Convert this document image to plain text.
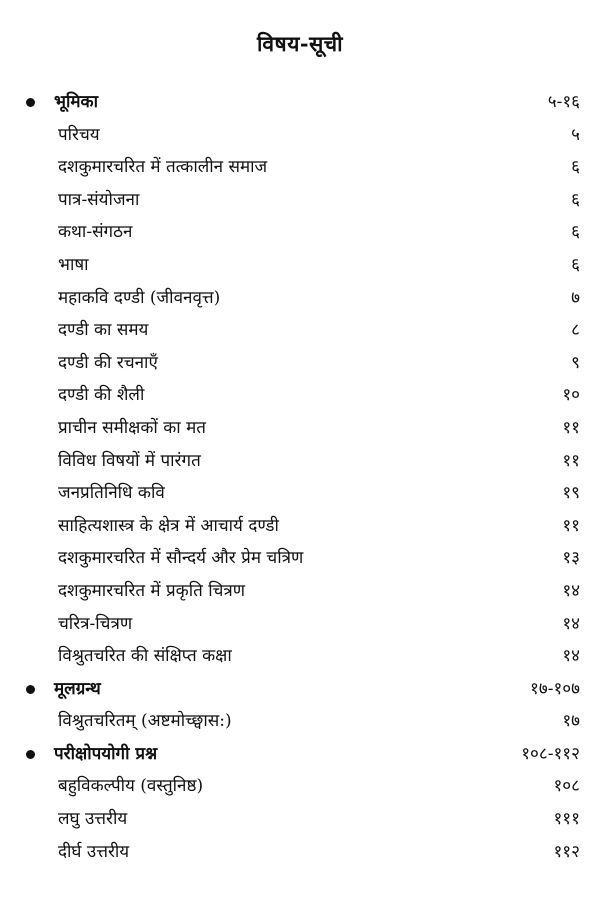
विषय-सूची
भूमिका	५-१६
परिचय	५
दशकुमारचरित में तत्कालीन समाज	६
पात्र-संयोजना	६
कथा-संगठन	६
भाषा	६
महाकवि दण्डी (जीवनवृत्त)	७
दण्डी का समय	८
दण्डी की रचनाएँ	९
दण्डी की शैली	१०
प्राचीन समीक्षकों का मत	११
विविध विषयों में पारंगत	११
जनप्रतिनिधि कवि	१९
साहित्यशास्त्र के क्षेत्र में आचार्य दण्डी	११
दशकुमारचरित में सौन्दर्य और प्रेम चत्रिण	१३
दशकुमारचरित में प्रकृति चित्रण	१४
चरित्र-चित्रण	१४
विश्रुतचरित की संक्षिप्त कक्षा	१४
मूलग्रन्थ	१७-१०७
विश्रुतचरितम् (अष्टमोच्छ्वास:)	१७
परीक्षोपयोगी प्रश्न	१०८-११२
बहुविकल्पीय (वस्तुनिष्ठ)	१०८
लघु उत्तरीय	१११
दीर्घ उत्तरीय	११२
